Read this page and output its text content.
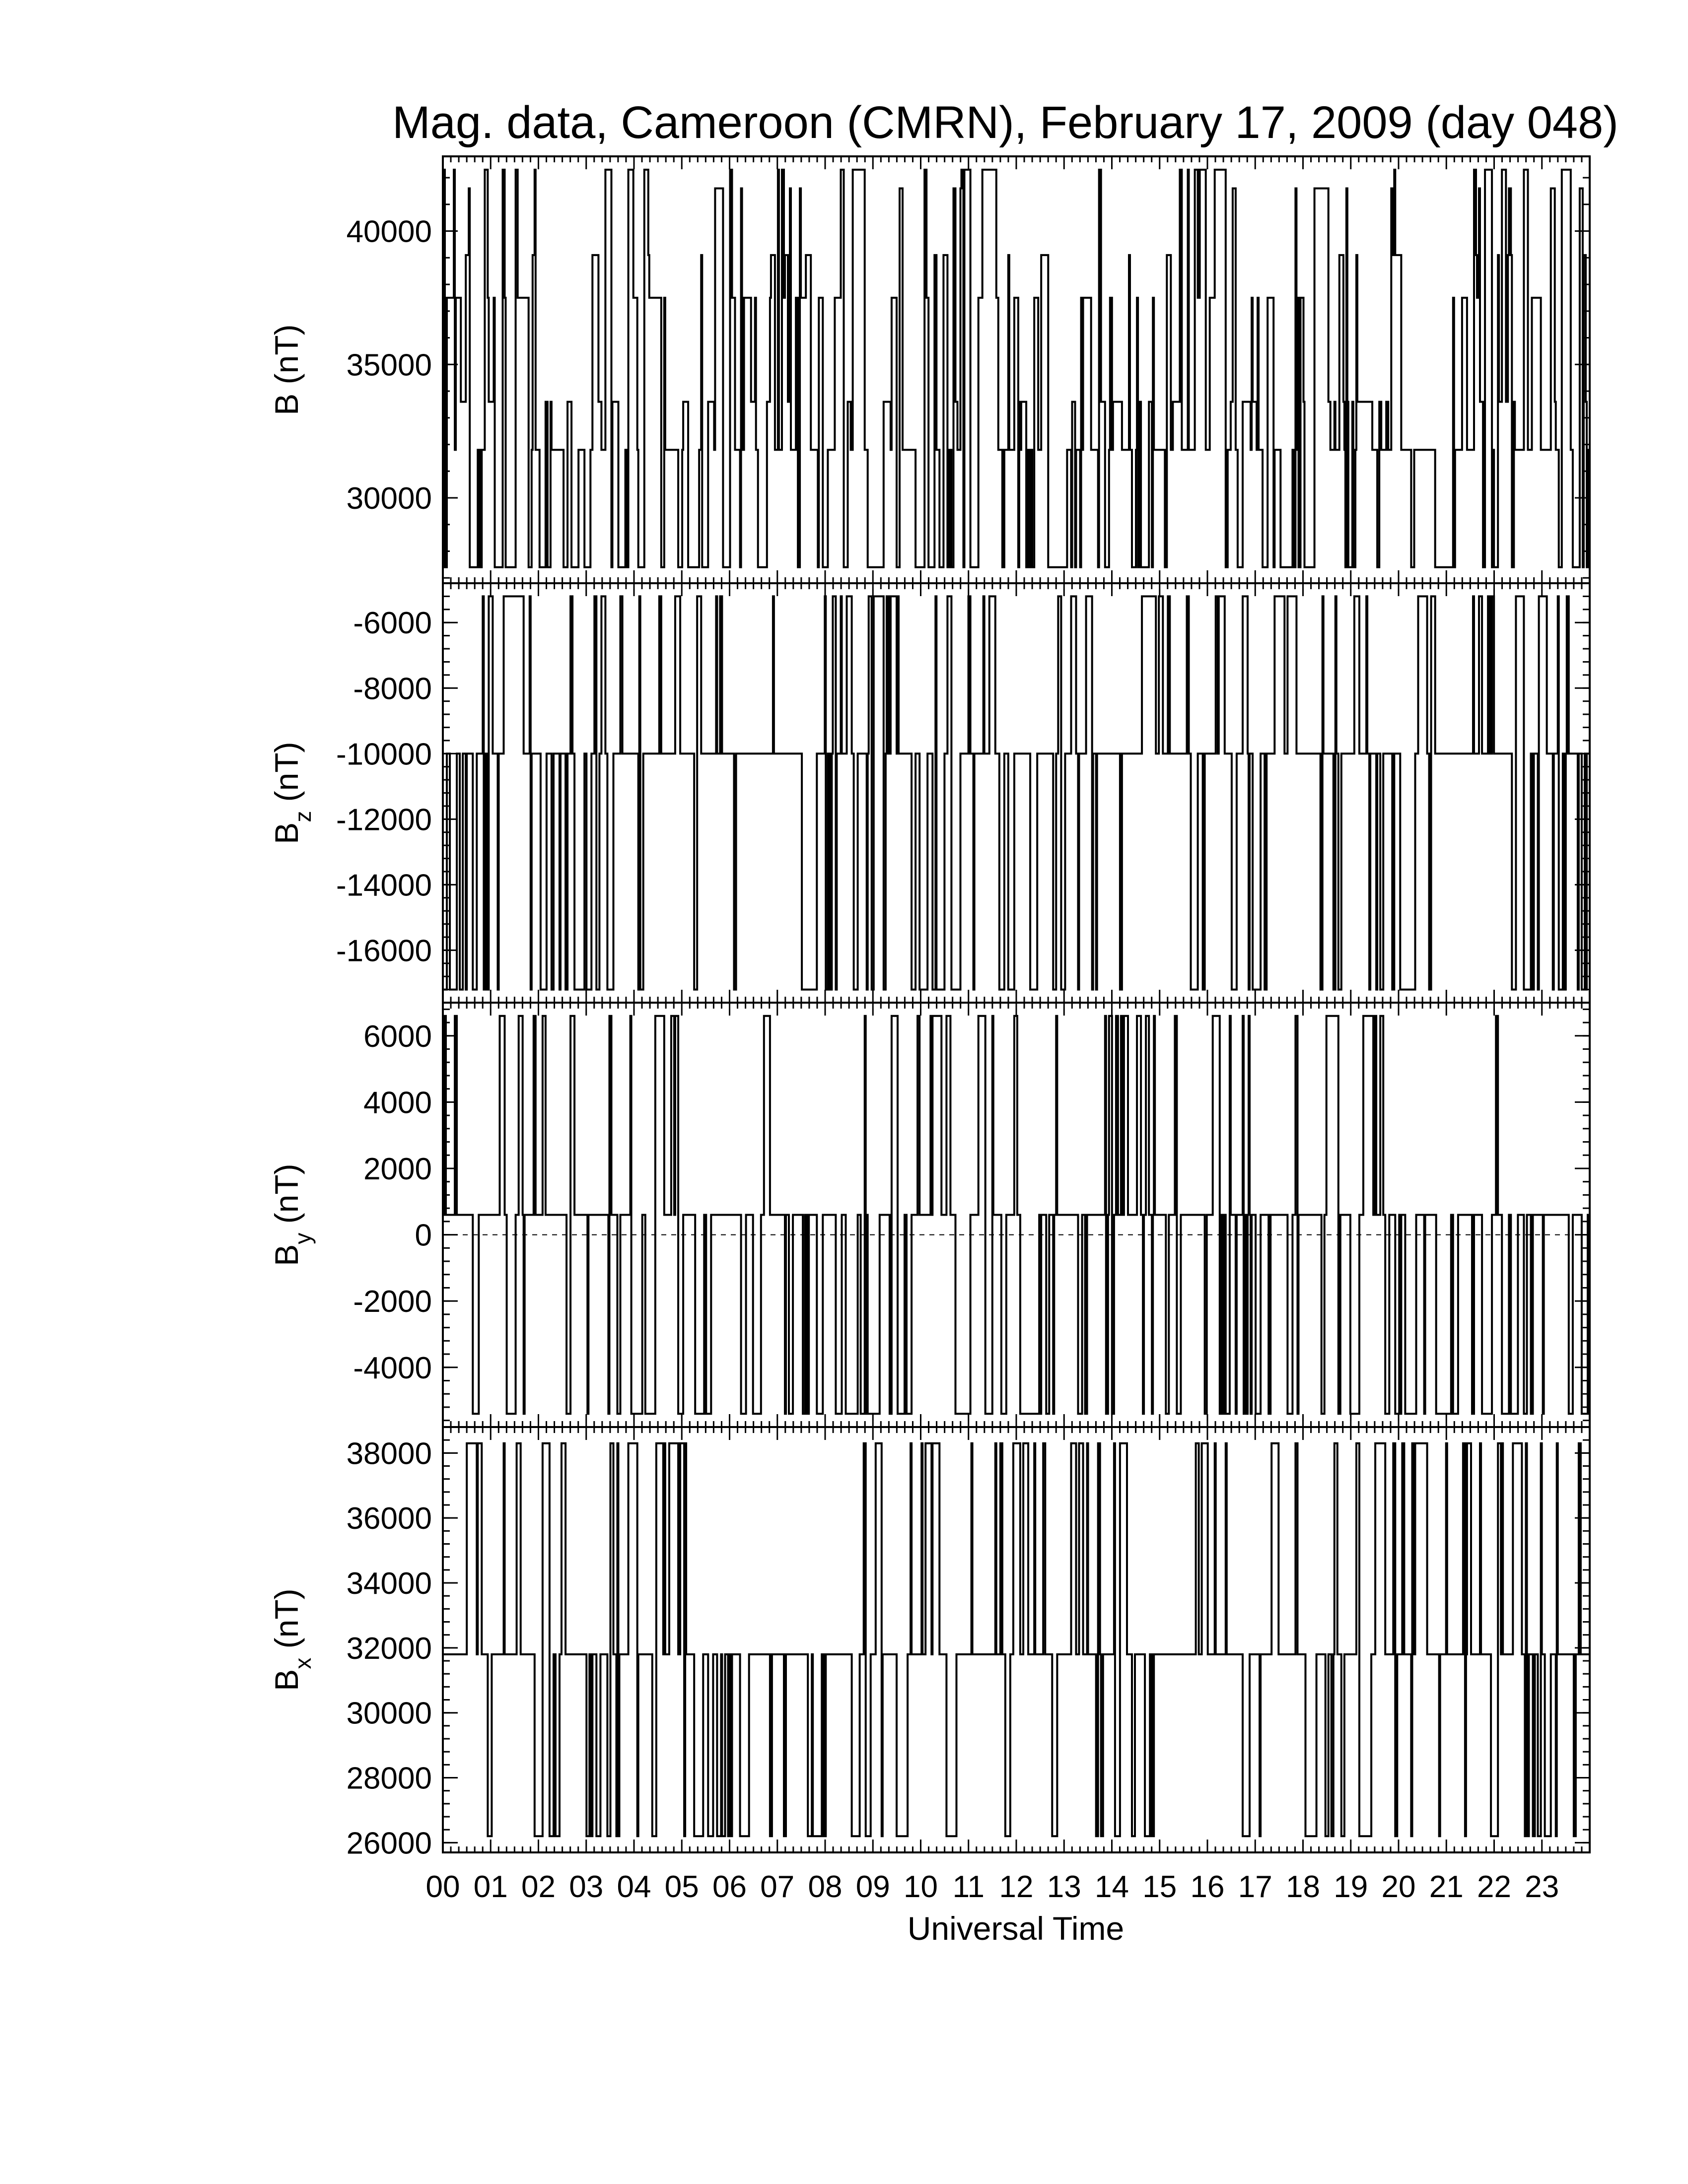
Mag. data, Cameroon (CMRN), February 17, 2009 (day 048)
30000
35000
40000
B (nT)
-16000
-14000
-12000
-10000
-8000
-6000
$B_z$ (nT)
-4000
-2000
0
2000
4000
6000
$B_y$ (nT)
26000
28000
30000
32000
34000
36000
38000
$B_x$ (nT)
00 01 02 03 04 05 06 07 08 09 10 11 12 13 14 15 16 17 18 19 20 21 22 23
Universal Time
